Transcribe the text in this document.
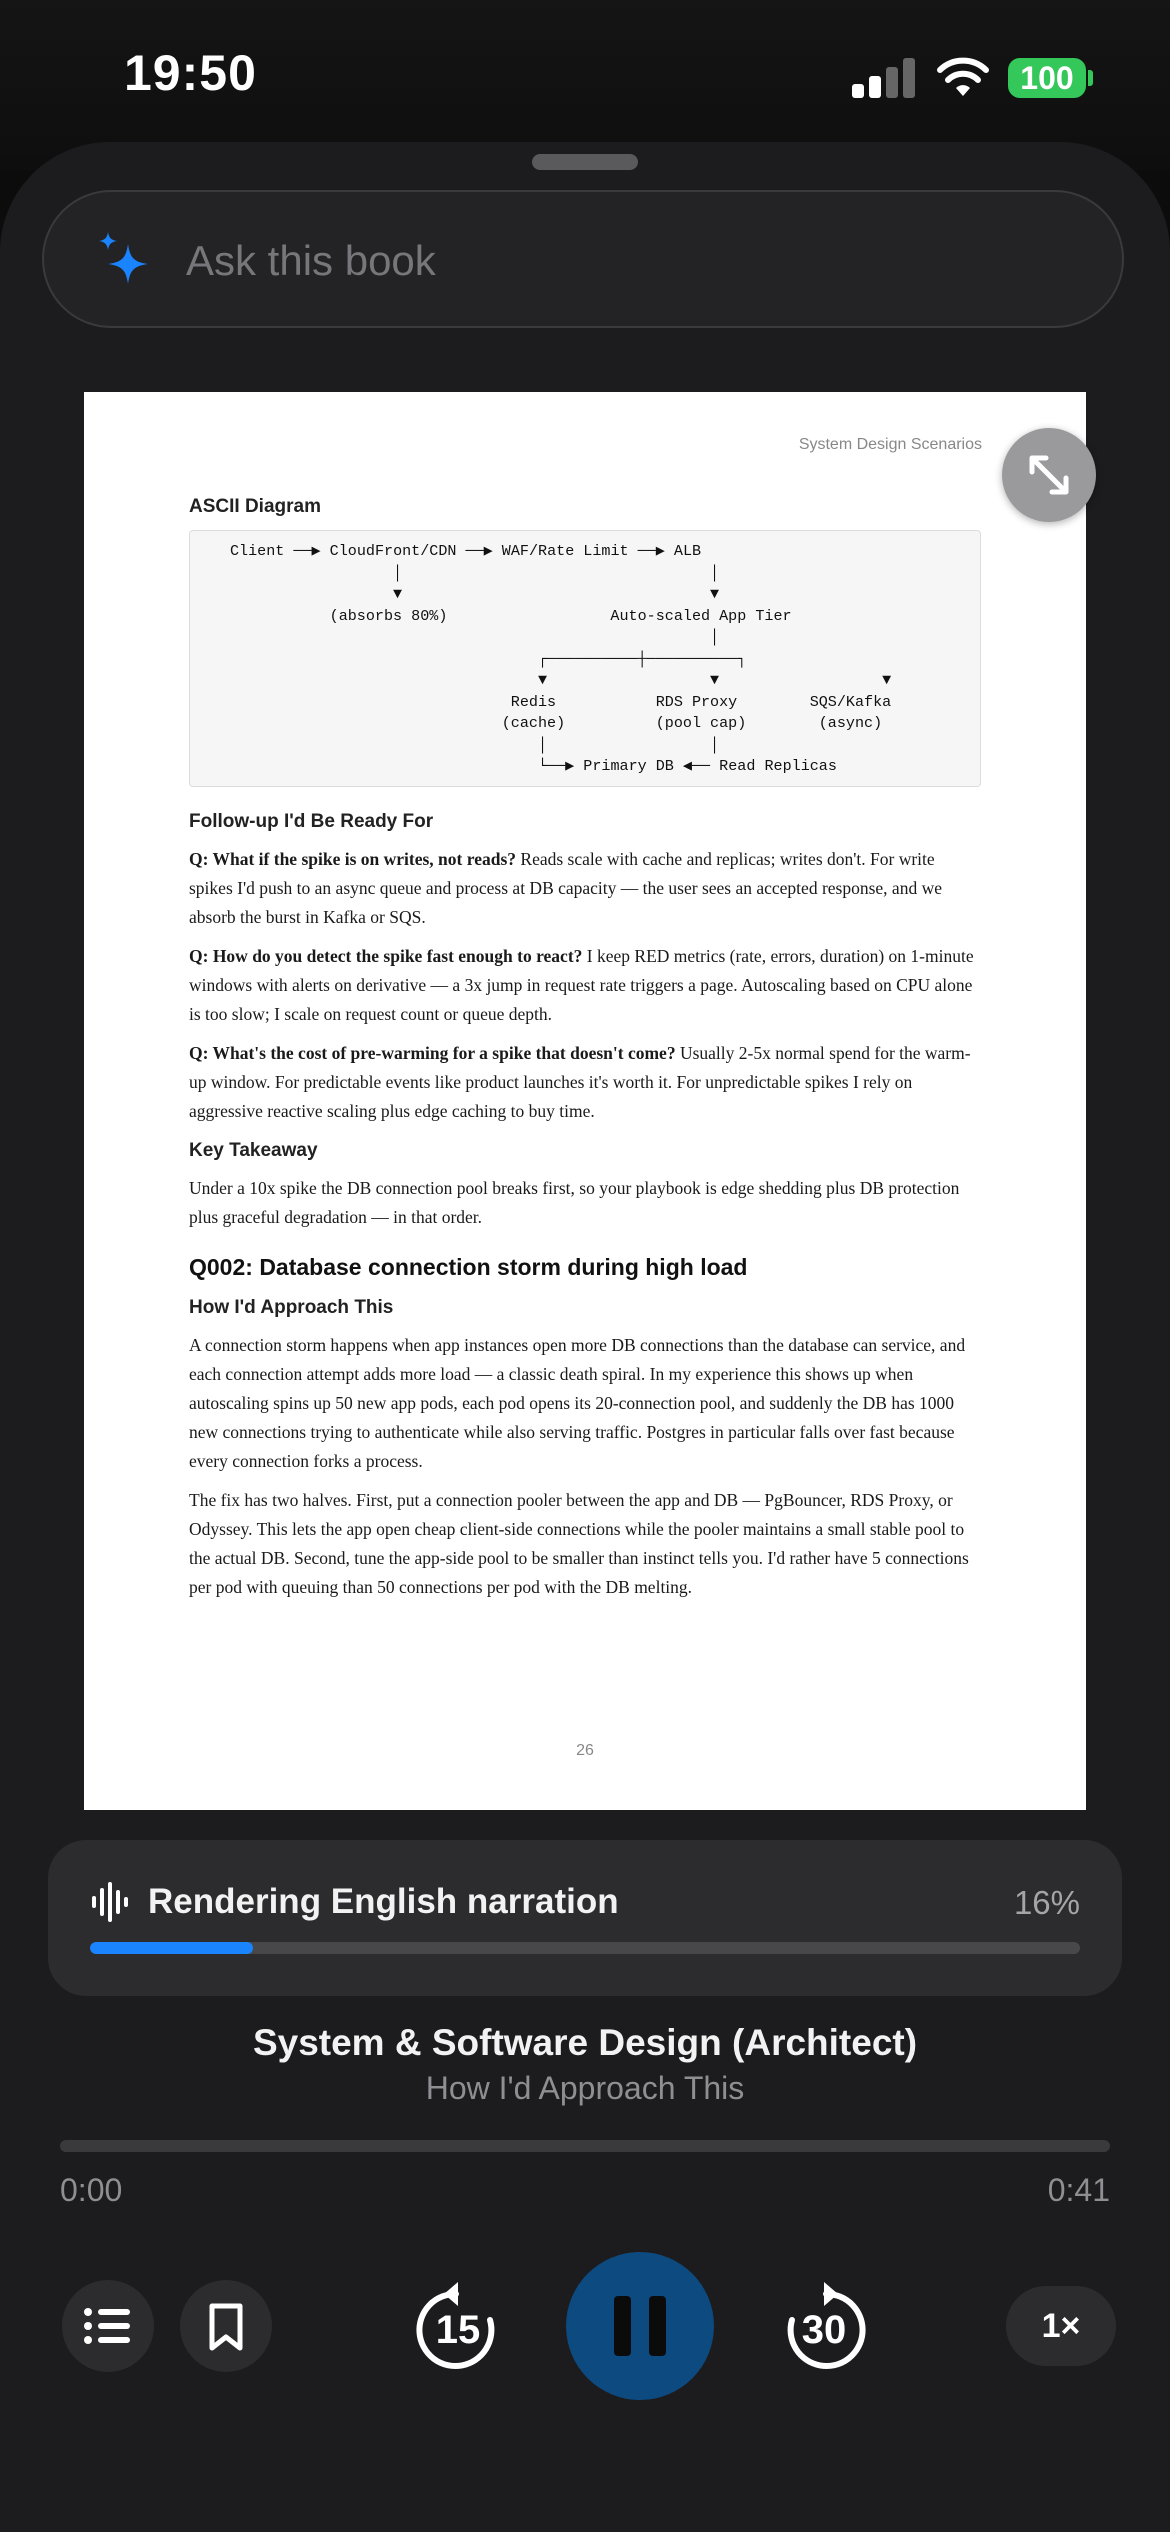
19:50	100
Ask this book
System Design Scenarios
ASCII Diagram
Client ──▶ CloudFront/CDN ──▶ WAF/Rate Limit ──▶ ALB
│                                  │
▼                                  ▼
(absorbs 80%)                  Auto-scaled App Tier
│
┌──────────┼──────────┐
▼                  ▼                  ▼
Redis           RDS Proxy        SQS/Kafka
(cache)          (pool cap)        (async)
│                  │
└──▶ Primary DB ◀── Read Replicas
Follow-up I'd Be Ready For

Q: What if the spike is on writes, not reads? Reads scale with cache and replicas; writes don't. For write spikes I'd push to an async queue and process at DB capacity — the user sees an accepted response, and we absorb the burst in Kafka or SQS.

Q: How do you detect the spike fast enough to react? I keep RED metrics (rate, errors, duration) on 1-minute windows with alerts on derivative — a 3x jump in request rate triggers a page. Autoscaling based on CPU alone is too slow; I scale on request count or queue depth.

Q: What's the cost of pre-warming for a spike that doesn't come? Usually 2-5x normal spend for the warm-up window. For predictable events like product launches it's worth it. For unpredictable spikes I rely on aggressive reactive scaling plus edge caching to buy time.

Key Takeaway

Under a 10x spike the DB connection pool breaks first, so your playbook is edge shedding plus DB protection plus graceful degradation — in that order.

Q002: Database connection storm during high load
How I'd Approach This

A connection storm happens when app instances open more DB connections than the database can service, and each connection attempt adds more load — a classic death spiral. In my experience this shows up when autoscaling spins up 50 new app pods, each pod opens its 20-connection pool, and suddenly the DB has 1000 new connections trying to authenticate while also serving traffic. Postgres in particular falls over fast because every connection forks a process.

The fix has two halves. First, put a connection pooler between the app and DB — PgBouncer, RDS Proxy, or Odyssey. This lets the app open cheap client-side connections while the pooler maintains a small stable pool to the actual DB. Second, tune the app-side pool to be smaller than instinct tells you. I'd rather have 5 connections per pod with queuing than 50 connections per pod with the DB melting.

26
Rendering English narration	16%
System & Software Design (Architect)
How I'd Approach This
0:00	0:41
15	30	1×
